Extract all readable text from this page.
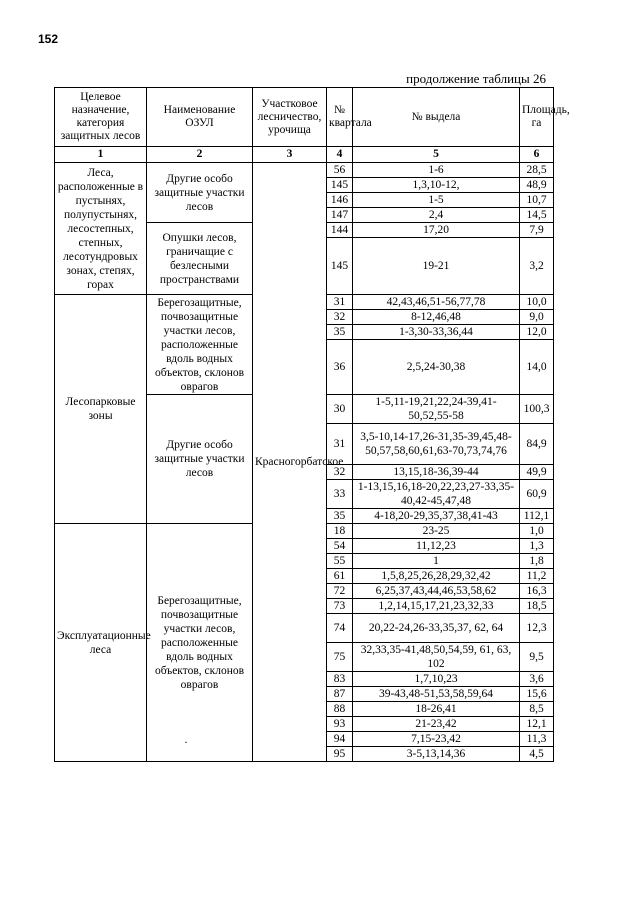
152
продолжение таблицы 26
Целевое назначение, категория защитных лесов	Наименование ОЗУЛ	Участковое лесничество, урочища	№ квартала	№ выдела	Площадь, га
1	2	3	4	5	6
Леса, расположенные в пустынях, полупустынях, лесостепных, степных, лесотундровых зонах, степях, горах	Другие особо защитные участки лесов	Красногорбатское	56	1-6	28,5
			145	1,3,10-12,	48,9
			146	1-5	10,7
			147	2,4	14,5
	Опушки лесов, граничащие с безлесными пространствами		144	17,20	7,9
			145	19-21	3,2
Лесопарковые зоны	Берегозащитные, почвозащитные участки лесов, расположенные вдоль водных объектов, склонов оврагов		31	42,43,46,51-56,77,78	10,0
			32	8-12,46,48	9,0
			35	1-3,30-33,36,44	12,0
			36	2,5,24-30,38	14,0
	Другие особо защитные участки лесов		30	1-5,11-19,21,22,24-39,41-50,52,55-58	100,3
			31	3,5-10,14-17,26-31,35-39,45,48-50,57,58,60,61,63-70,73,74,76	84,9
			32	13,15,18-36,39-44	49,9
			33	1-13,15,16,18-20,22,23,27-33,35-40,42-45,47,48	60,9
			35	4-18,20-29,35,37,38,41-43	112,1
Эксплуатационные леса	Берегозащитные, почвозащитные участки лесов, расположенные вдоль водных объектов, склонов оврагов		18	23-25	1,0
			54	11,12,23	1,3
			55	1	1,8
			61	1,5,8,25,26,28,29,32,42	11,2
			72	6,25,37,43,44,46,53,58,62	16,3
			73	1,2,14,15,17,21,23,32,33	18,5
			74	20,22-24,26-33,35,37, 62, 64	12,3
			75	32,33,35-41,48,50,54,59, 61, 63, 102	9,5
			83	1,7,10,23	3,6
			87	39-43,48-51,53,58,59,64	15,6
			88	18-26,41	8,5
			93	21-23,42	12,1
			94	7,15-23,42	11,3
			95	3-5,13,14,36	4,5
·
